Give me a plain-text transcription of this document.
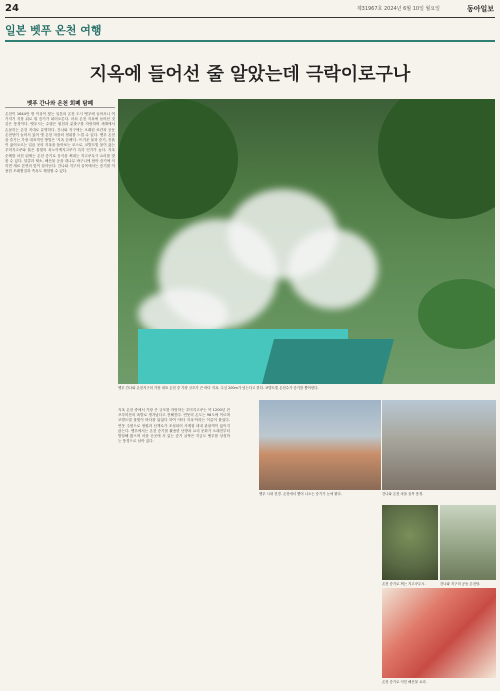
24	제31967호 2024년 6월 10일 월요일	동아일보
일본 벳푸 온천 여행
지옥에 들어선 줄 알았는데 극락이로구나
벳푸 간나와 온천 회폐 탐폐
온천이 1644만 명 이상이 찾는 일본의 온천 도시 벳푸에 들어서니 여기저기 지붕 위로 흰 증기가 피어오른다. 마치 온천 지옥에 들어선 것 같은 풍경이다. 벳푸시는 수많은 원천과 분출구를 자랑하며 세계에서 손꼽히는 온천 지대로 유명하다. 간나와 지구에는 오래된 료칸과 공동 온천탕이 늘어서 있어 옛 온천 마을의 정취를 느낄 수 있다. 벳푸 온천을 즐기는 가장 대표적인 방법은 '지옥 순례'다. 뜨거운 물과 증기, 진흙이 끓어오르는 일곱 곳의 지옥을 돌아보는 코스로, 코발트빛 물이 끓는 우미지고쿠와 붉은 물빛의 치노이케지고쿠가 특히 인기가 높다. 지옥 순례를 마친 뒤에는 온천 증기로 음식을 쪄내는 지고쿠무시 요리를 맛볼 수 있다. 달걀과 채소, 해산물 등을 대나무 바구니에 담아 증기에 익히면 재료 본연의 맛이 살아난다. 간나와 지구의 골목에서는 증기를 이용한 모래찜질과 족욕도 체험할 수 있다.
벳푸 간나와 온천지구의 가장 대표 온천 중 가장 규모가 큰 바다 지옥. 수심 200m가 넘는다고 한다. 코발트빛 온천수가 증기를 뿜어낸다.
지옥 온천 중에서 가장 큰 규모를 자랑하는 우미지고쿠는 약 1200년 전 쓰루미산의 폭발로 생겨났다고 전해진다. 연못의 온도는 98도에 이르며 코발트빛 물빛이 바다를 닮았다 하여 '바다 지옥'이라는 이름이 붙었다. 연못 주변으로 정원과 산책로가 조성되어 사계절 내내 관광객이 끊이지 않는다. 벳푸에서는 온천 증기를 활용한 난방과 요리 문화가 오래전부터 발달해 왔으며 마을 곳곳에 서 있는 증기 굴뚝은 지금도 벳푸를 상징하는 풍경으로 남아 있다.
벳푸 시내 전경. 온천에서 뿜어 나오는 증기가 눈에 띈다.	간나와 온천 마을 골목 풍경.
온천 증기로 찌는 지고쿠무시.	간나와 지구의 공동 온천탕.
온천 증기로 익힌 해산물 요리.
